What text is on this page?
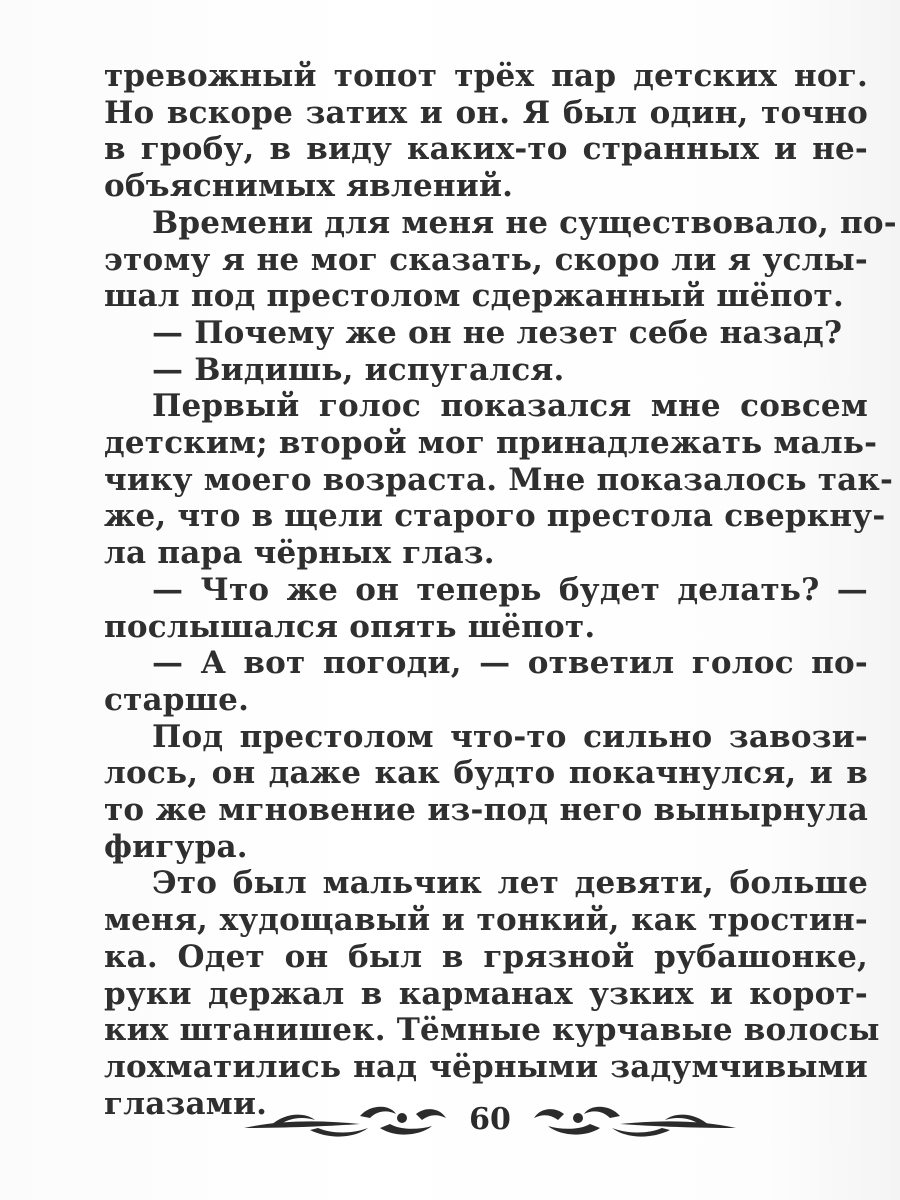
тревожный топот трёх пар детских ног.
Но вскоре затих и он. Я был один, точно
в гробу, в виду каких-то странных и не-
объяснимых явлений.
Времени для меня не существовало, по-
этому я не мог сказать, скоро ли я услы-
шал под престолом сдержанный шёпот.
— Почему же он не лезет себе назад?
— Видишь, испугался.
Первый голос показался мне совсем
детским; второй мог принадлежать маль-
чику моего возраста. Мне показалось так-
же, что в щели старого престола сверкну-
ла пара чёрных глаз.
— Что же он теперь будет делать? —
послышался опять шёпот.
— А вот погоди, — ответил голос по-
старше.
Под престолом что-то сильно завози-
лось, он даже как будто покачнулся, и в
то же мгновение из-под него вынырнула
фигура.
Это был мальчик лет девяти, больше
меня, худощавый и тонкий, как тростин-
ка. Одет он был в грязной рубашонке,
руки держал в карманах узких и корот-
ких штанишек. Тёмные курчавые волосы
лохматились над чёрными задумчивыми
глазами.	60
